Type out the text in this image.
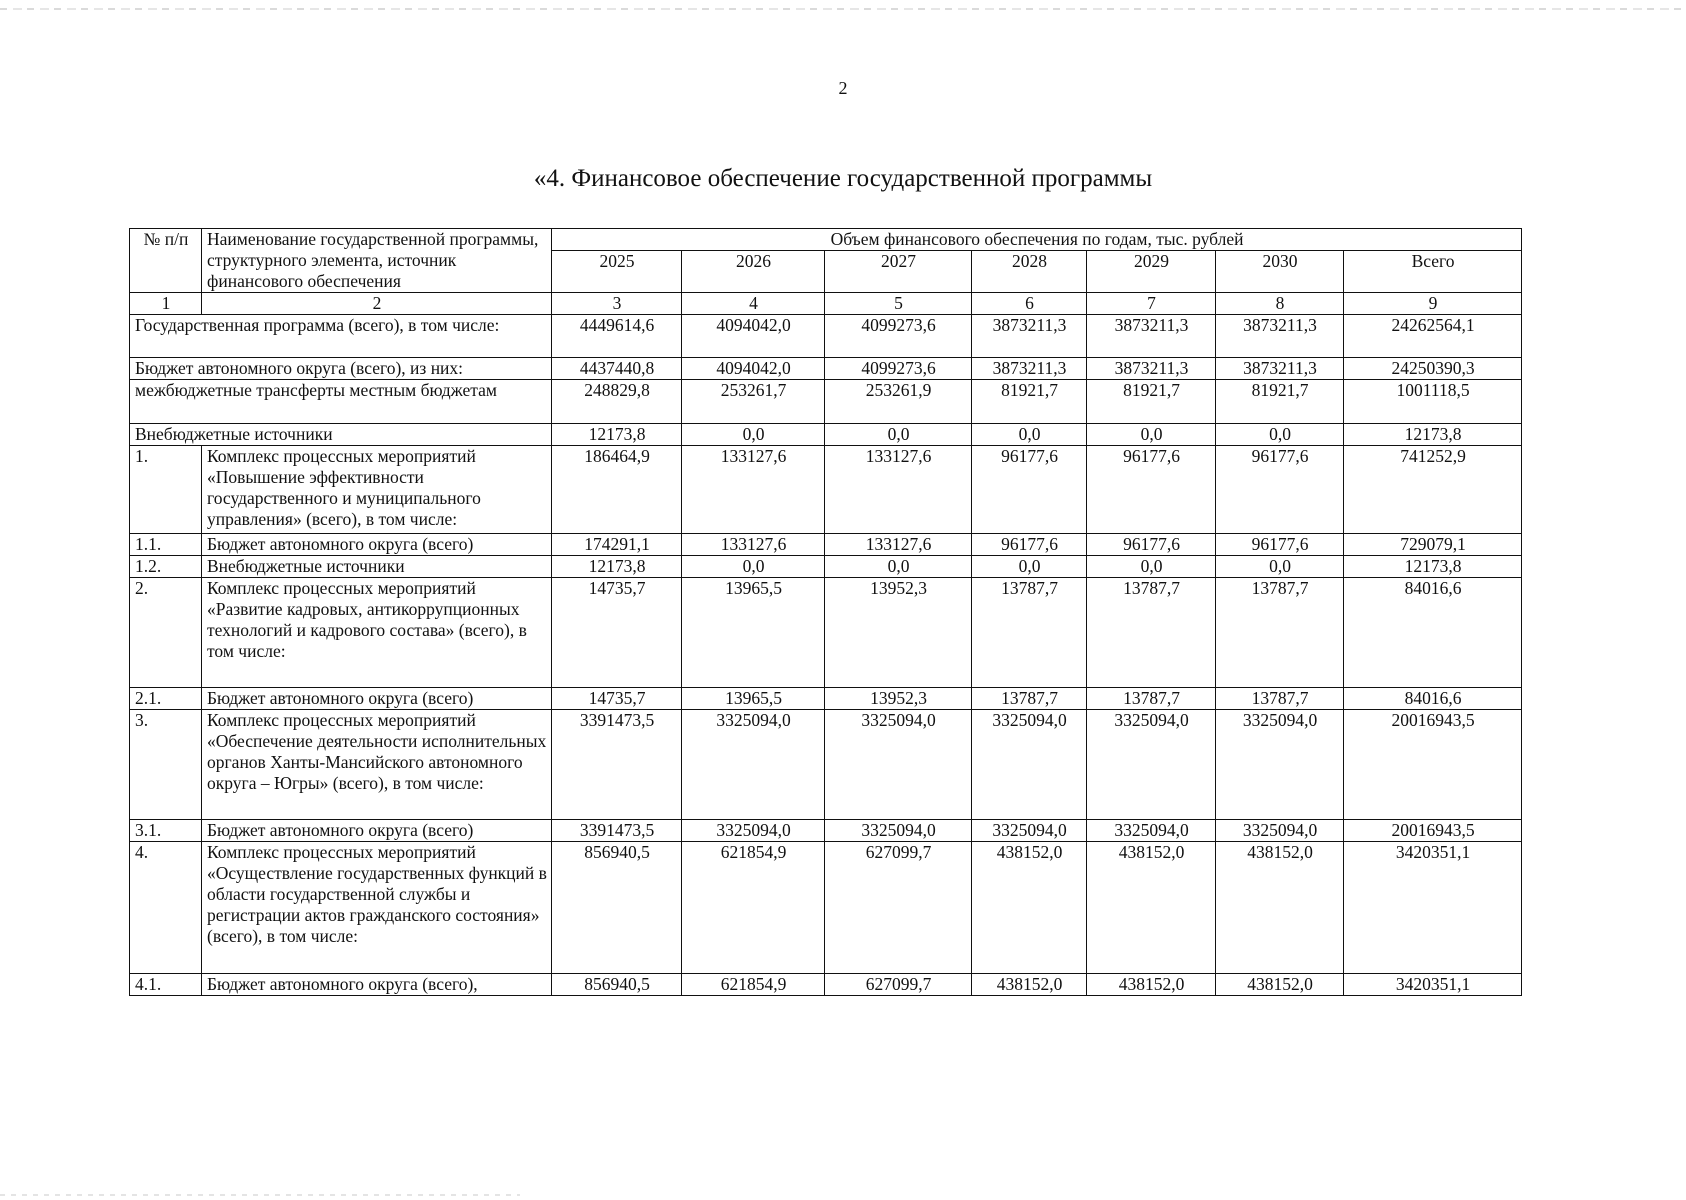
2
«4. Финансовое обеспечение государственной программы
№ п/п	Наименование государственной программы, структурного элемента, источник финансового обеспечения	Объем финансового обеспечения по годам, тыс. рублей						
		2025	2026	2027	2028	2029	2030	Всего
1	2	3	4	5	6	7	8	9
Государственная программа (всего), в том числе:		4449614,6	4094042,0	4099273,6	3873211,3	3873211,3	3873211,3	24262564,1
Бюджет автономного округа (всего), из них:		4437440,8	4094042,0	4099273,6	3873211,3	3873211,3	3873211,3	24250390,3
межбюджетные трансферты местным бюджетам		248829,8	253261,7	253261,9	81921,7	81921,7	81921,7	1001118,5
Внебюджетные источники		12173,8	0,0	0,0	0,0	0,0	0,0	12173,8
1.	Комплекс процессных мероприятий «Повышение эффективности государственного и муниципального управления» (всего), в том числе:	186464,9	133127,6	133127,6	96177,6	96177,6	96177,6	741252,9
1.1.	Бюджет автономного округа (всего)	174291,1	133127,6	133127,6	96177,6	96177,6	96177,6	729079,1
1.2.	Внебюджетные источники	12173,8	0,0	0,0	0,0	0,0	0,0	12173,8
2.	Комплекс процессных мероприятий «Развитие кадровых, антикоррупционных технологий и кадрового состава» (всего), в том числе:	14735,7	13965,5	13952,3	13787,7	13787,7	13787,7	84016,6
2.1.	Бюджет автономного округа (всего)	14735,7	13965,5	13952,3	13787,7	13787,7	13787,7	84016,6
3.	Комплекс процессных мероприятий «Обеспечение деятельности исполнительных органов Ханты-Мансийского автономного округа – Югры» (всего), в том числе:	3391473,5	3325094,0	3325094,0	3325094,0	3325094,0	3325094,0	20016943,5
3.1.	Бюджет автономного округа (всего)	3391473,5	3325094,0	3325094,0	3325094,0	3325094,0	3325094,0	20016943,5
4.	Комплекс процессных мероприятий «Осуществление государственных функций в области государственной службы и регистрации актов гражданского состояния» (всего), в том числе:	856940,5	621854,9	627099,7	438152,0	438152,0	438152,0	3420351,1
4.1.	Бюджет автономного округа (всего),	856940,5	621854,9	627099,7	438152,0	438152,0	438152,0	3420351,1
